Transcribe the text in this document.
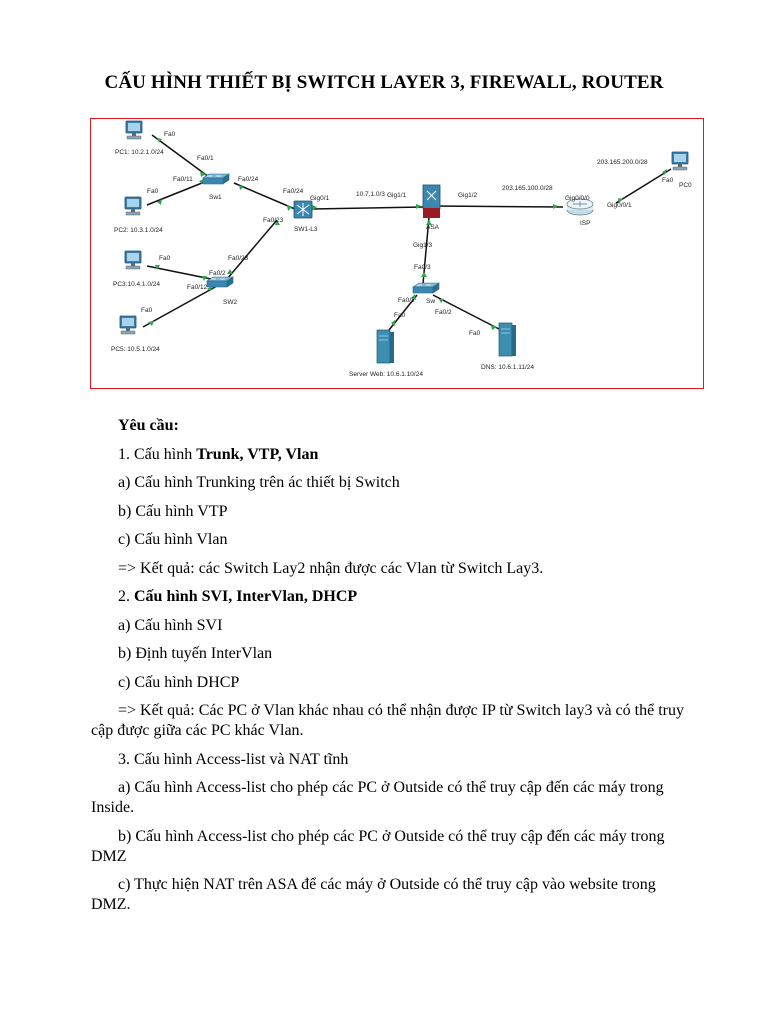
CẤU HÌNH THIẾT BỊ SWITCH LAYER 3, FIREWALL, ROUTER
PC1: 10.2.1.0/24
PC2: 10.3.1.0/24
PC3:10.4.1.0/24
PC5: 10.5.1.0/24
Sw1
SW2
SW1-L3	ASA
ISP
PC0
203.165.200.0/28
Sw
Server Web: 10.6.1.10/24
DNS: 10.6.1.11/24
Fa0
Fa0/1
Fa0/11
Fa0
Fa0/24
Fa0/24
Gig0/1
Fa0/23
10.7.1.0/3 Gig1/1	Gig1/2
203.165.100.0/28
Gig0/0/0
Gig0/0/1
Fa0
Gig1/3
Fa0/3
Fa0/1
Fa0/2
Fa0
Fa0
Fa0/23
Fa0/2
Fa0/12
Fa0
Fa0

Yêu cầu:

1. Cấu hình Trunk, VTP, Vlan

a) Cấu hình Trunking trên ác thiết bị Switch

b) Cấu hình VTP

c) Cấu hình Vlan

=> Kết quả: các Switch Lay2 nhận được các Vlan từ Switch Lay3.

2. Cấu hình SVI, InterVlan, DHCP

a) Cấu hình SVI

b) Định tuyến InterVlan

c) Cấu hình DHCP

=> Kết quả: Các PC ở Vlan khác nhau có thể nhận được IP từ Switch lay3 và có thể truy cập được giữa các PC khác Vlan.

3. Cấu hình Access-list và NAT tĩnh

a) Cấu hình Access-list cho phép các PC ở Outside có thể truy cập đến các máy trong Inside.

b) Cấu hình Access-list cho phép các PC ở Outside có thể truy cập đến các máy trong DMZ

c) Thực hiện NAT trên ASA để các máy ở Outside có thể truy cập vào website trong DMZ.
